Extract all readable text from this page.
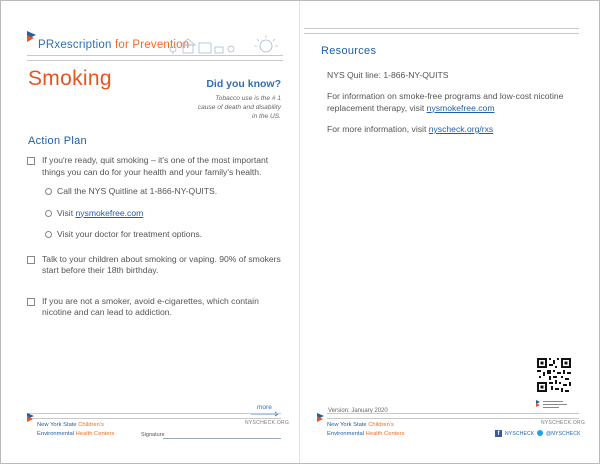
PRxescription for Prevention
Smoking	Did you know?
Tobacco use is the # 1 cause of death and disability in the US.
Action Plan
If you're ready, quit smoking – it's one of the most important things you can do for your health and your family's health.
Call the NYS Quitline at 1-866-NY-QUITS.
Visit nysmokefree.com
Visit your doctor for treatment options.
Talk to your children about smoking or vaping. 90% of smokers start before their 18th birthday.
If you are not a smoker, avoid e-cigarettes, which contain nicotine and can lead to addiction.
more
NYSCHECK.ORG
New York State Children's
Environmental Health Centers	Signature
Resources
NYS Quit line: 1-866-NY-QUITS
For information on smoke-free programs and low-cost nicotine replacement therapy, visit nysmokefree.com
For more information, visit nyscheck.org/rxs
Version: January 2020
NYSCHECK.ORG
New York State Children's
Environmental Health Centers	f	NYSCHECK @NYSCHECK
